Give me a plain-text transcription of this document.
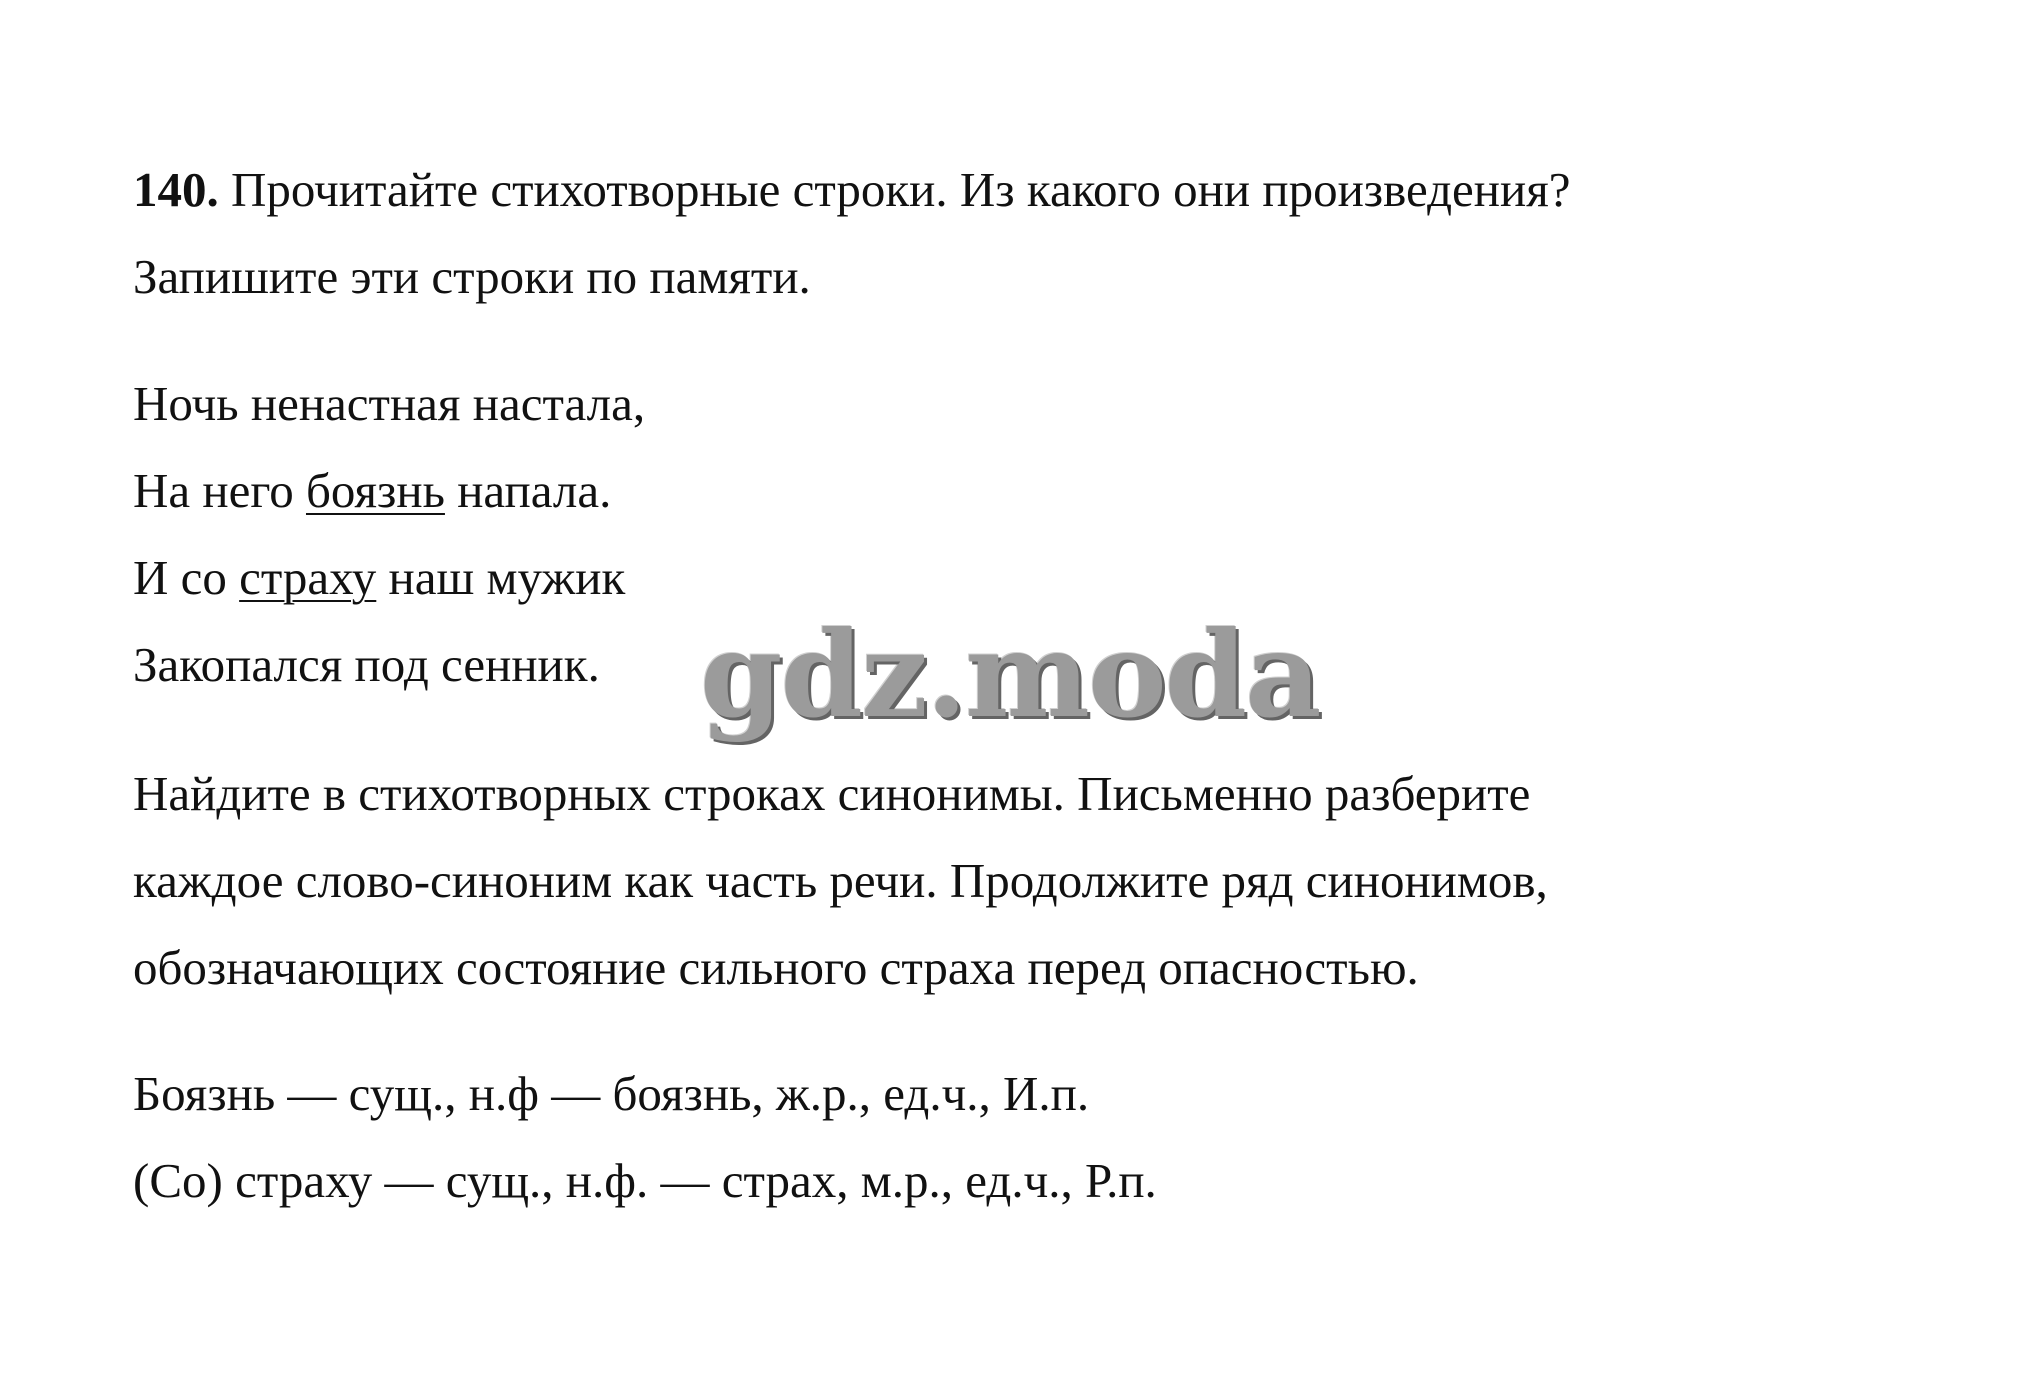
140. Прочитайте стихотворные строки. Из какого они произведения?
Запишите эти строки по памяти.
Ночь ненастная настала,
На него боязнь напала.
И со страху наш мужик
Закопался под сенник.
Найдите в стихотворных строках синонимы. Письменно разберите
каждое слово-синоним как часть речи. Продолжите ряд синонимов,
обозначающих состояние сильного страха перед опасностью.
Боязнь — сущ., н.ф — боязнь, ж.р., ед.ч., И.п.
(Со) страху — сущ., н.ф. — страх, м.р., ед.ч., Р.п.
gdz.moda
